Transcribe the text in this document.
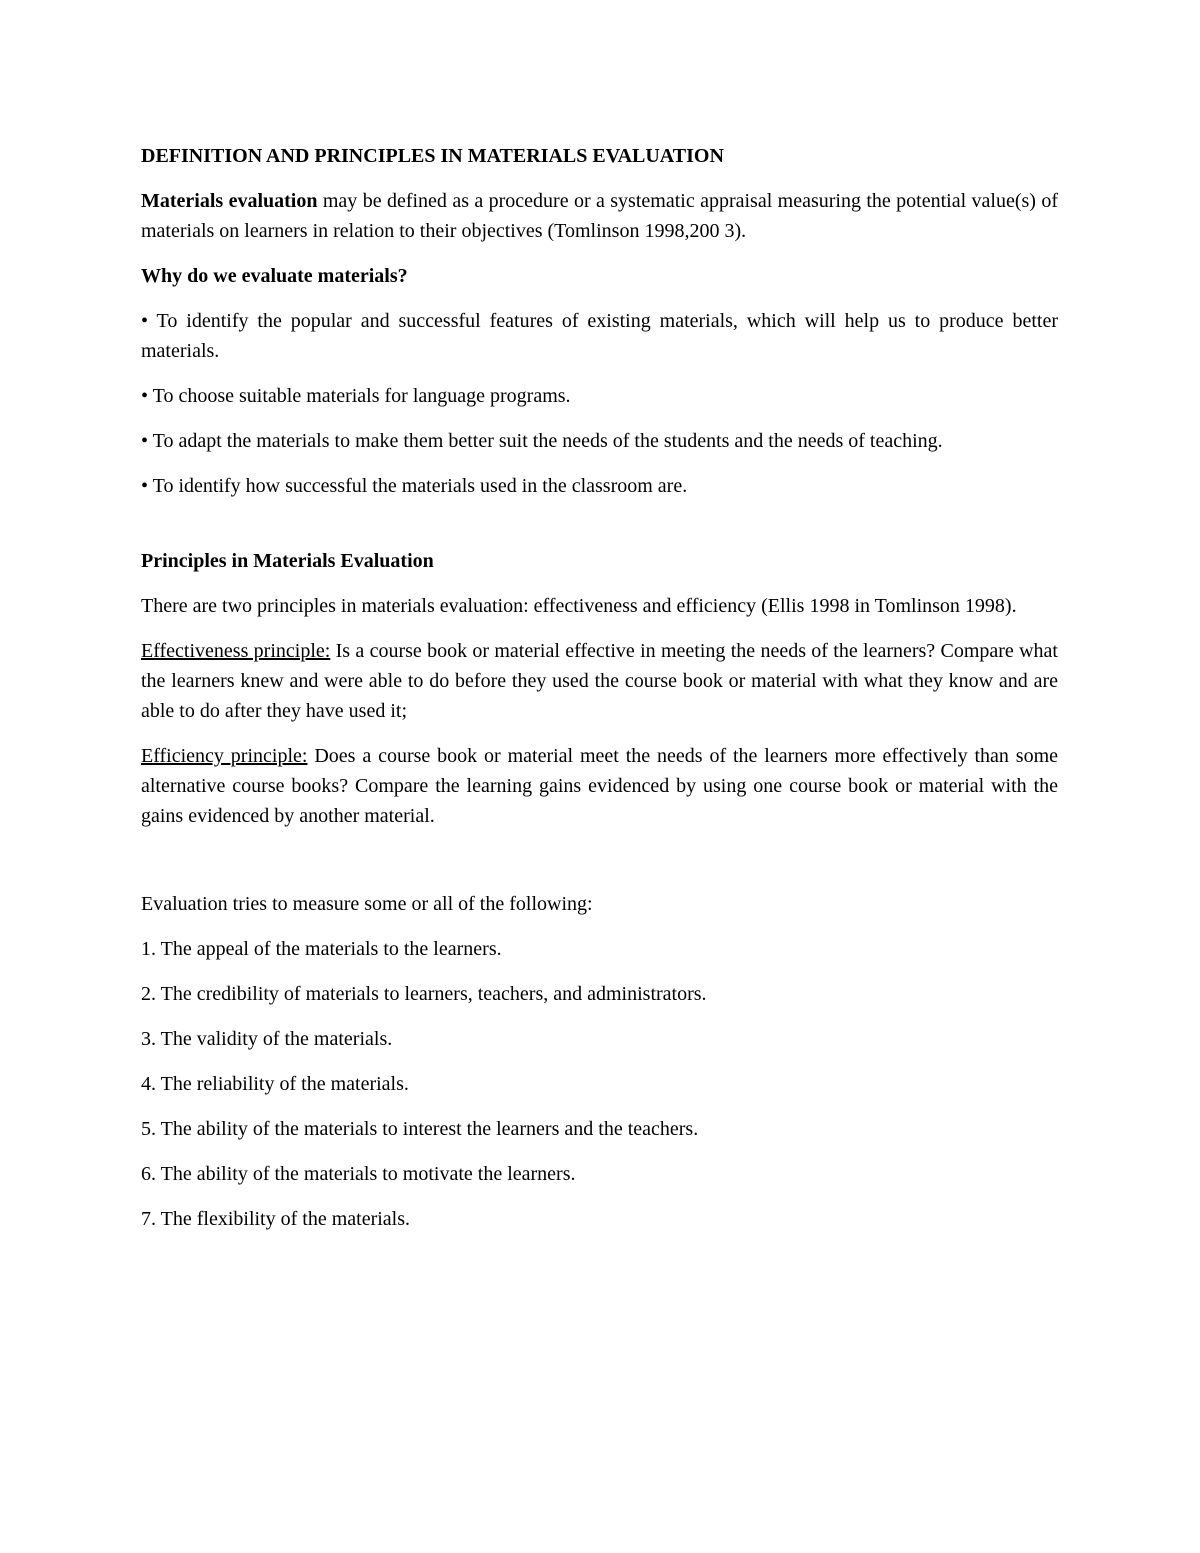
DEFINITION AND PRINCIPLES IN MATERIALS EVALUATION

Materials evaluation may be defined as a procedure or a systematic appraisal measuring the potential value(s) of materials on learners in relation to their objectives (Tomlinson 1998,200 3).

Why do we evaluate materials?

• To identify the popular and successful features of existing materials, which will help us to produce better materials.

• To choose suitable materials for language programs.

• To adapt the materials to make them better suit the needs of the students and the needs of teaching.

• To identify how successful the materials used in the classroom are.

Principles in Materials Evaluation

There are two principles in materials evaluation: effectiveness and efficiency (Ellis 1998 in Tomlinson 1998).

Effectiveness principle: Is a course book or material effective in meeting the needs of the learners? Compare what the learners knew and were able to do before they used the course book or material with what they know and are able to do after they have used it;

Efficiency principle: Does a course book or material meet the needs of the learners more effectively than some alternative course books? Compare the learning gains evidenced by using one course book or material with the gains evidenced by another material.

Evaluation tries to measure some or all of the following:

1. The appeal of the materials to the learners.

2. The credibility of materials to learners, teachers, and administrators.

3. The validity of the materials.

4. The reliability of the materials.

5. The ability of the materials to interest the learners and the teachers.

6. The ability of the materials to motivate the learners.

7. The flexibility of the materials.
